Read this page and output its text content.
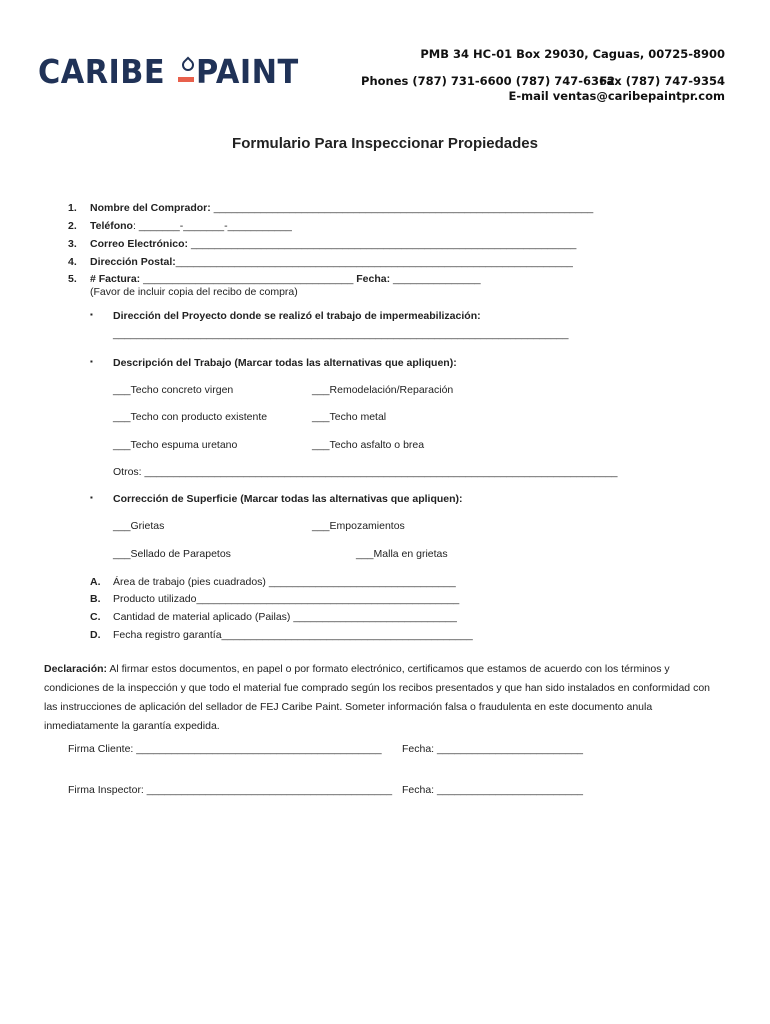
CARIBE PAINT	PMB 34 HC-01 Box 29030, Caguas, 00725-8900
Phones (787) 731-6600 (787) 747-6362
Fax (787) 747-9354
E-mail ventas@caribepaintpr.com
Formulario Para Inspeccionar Propiedades
1. Nombre del Comprador: _________________________________________________________________
2. Teléfono: _______-_______-___________
3. Correo Electrónico: __________________________________________________________________
4. Dirección Postal:____________________________________________________________________
5. # Factura: ____________________________________ Fecha: _______________
(Favor de incluir copia del recibo de compra)
▪ Dirección del Proyecto donde se realizó el trabajo de impermeabilización:
______________________________________________________________________________
▪ Descripción del Trabajo (Marcar todas las alternativas que apliquen):
___Techo concreto virgen	___Remodelación/Reparación
___Techo con producto existente	___Techo metal
___Techo espuma uretano	___Techo asfalto o brea
Otros: _________________________________________________________________________________
▪ Corrección de Superficie (Marcar todas las alternativas que apliquen):
___Grietas	___Empozamientos
___Sellado de Parapetos	___Malla en grietas
A. Área de trabajo (pies cuadrados) ________________________________
B. Producto utilizado_____________________________________________
C. Cantidad de material aplicado (Pailas) ____________________________
D. Fecha registro garantía___________________________________________
Declaración: Al firmar estos documentos, en papel o por formato electrónico, certificamos que estamos de acuerdo con los términos y condiciones de la inspección y que todo el material fue comprado según los recibos presentados y que han sido instalados en conformidad con las instrucciones de aplicación del sellador de FEJ Caribe Paint. Someter información falsa o fraudulenta en este documento anula inmediatamente la garantía expedida.
Firma Cliente: __________________________________________ Fecha: _________________________
Firma Inspector: __________________________________________ Fecha: _________________________
